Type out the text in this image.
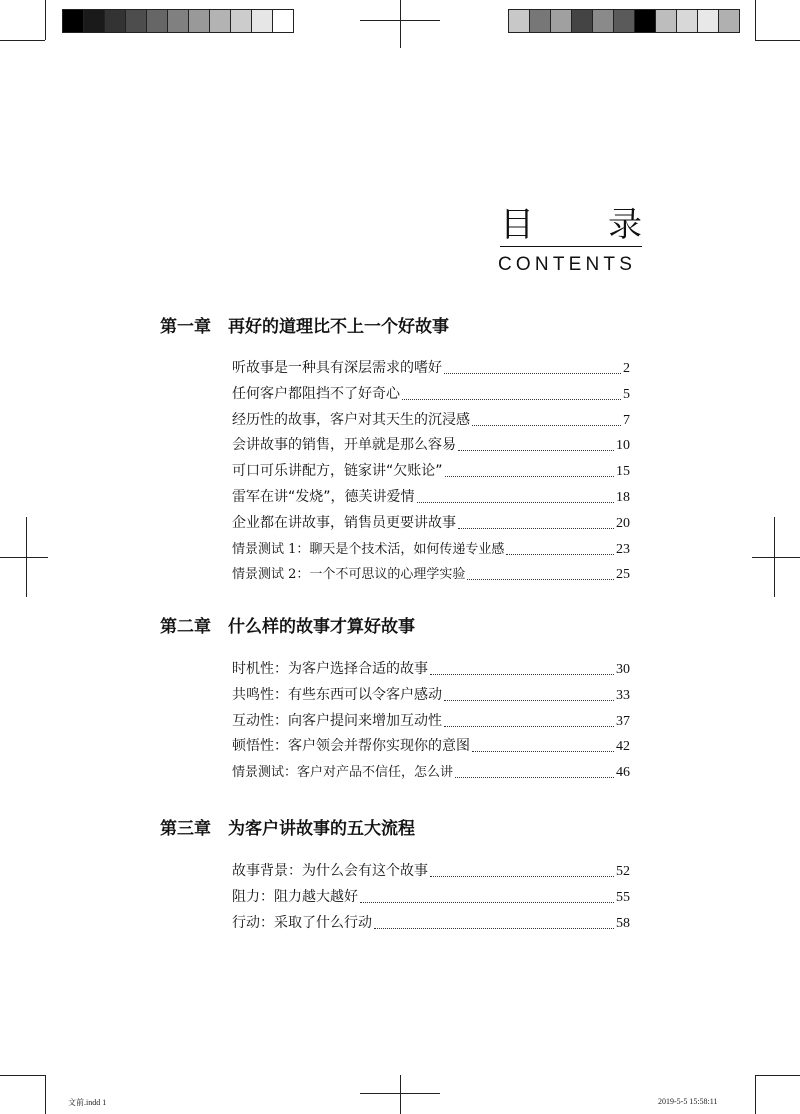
目 录
CONTENTS
第一章 再好的道理比不上一个好故事
听故事是一种具有深层需求的嗜好	2
任何客户都阻挡不了好奇心	5
经历性的故事，客户对其天生的沉浸感	7
会讲故事的销售，开单就是那么容易	10
可口可乐讲配方，链家讲“欠账论”	15
雷军在讲“发烧”，德芙讲爱情	18
企业都在讲故事，销售员更要讲故事	20
情景测试 1：聊天是个技术活，如何传递专业感	23
情景测试 2：一个不可思议的心理学实验	25
第二章 什么样的故事才算好故事
时机性：为客户选择合适的故事	30
共鸣性：有些东西可以令客户感动	33
互动性：向客户提问来增加互动性	37
顿悟性：客户领会并帮你实现你的意图	42
情景测试：客户对产品不信任，怎么讲	46
第三章 为客户讲故事的五大流程
故事背景：为什么会有这个故事	52
阻力：阻力越大越好	55
行动：采取了什么行动	58
文前.indd 1	2019-5-5 15:58:11
